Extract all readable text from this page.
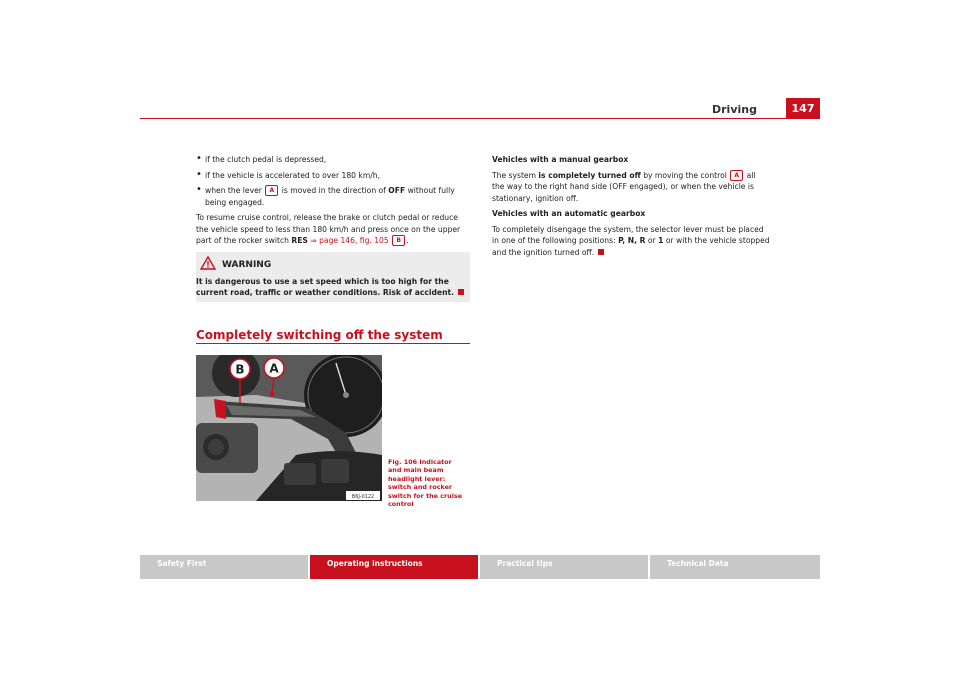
Driving	147

• if the clutch pedal is depressed,

• if the vehicle is accelerated to over 180 km/h,

• when the lever A is moved in the direction of OFF without fully being engaged.

To resume cruise control, release the brake or clutch pedal or reduce the vehicle speed to less than 180 km/h and press once on the upper part of the rocker switch RES ⇒ page 146, fig. 105 B .

WARNING
It is dangerous to use a set speed which is too high for the current road, traffic or weather conditions. Risk of accident.
Completely switching off the system
B A
B6J-0122
Fig. 106 Indicator and main beam headlight lever: switch and rocker switch for the cruise control

Vehicles with a manual gearbox

The system is completely turned off by moving the control A all the way to the right hand side (OFF engaged), or when the vehicle is stationary, ignition off.

Vehicles with an automatic gearbox

To completely disengage the system, the selector lever must be placed in one of the following positions: P, N, R or 1 or with the vehicle stopped and the ignition turned off.

Safety First	Operating instructions	Practical tips	Technical Data
